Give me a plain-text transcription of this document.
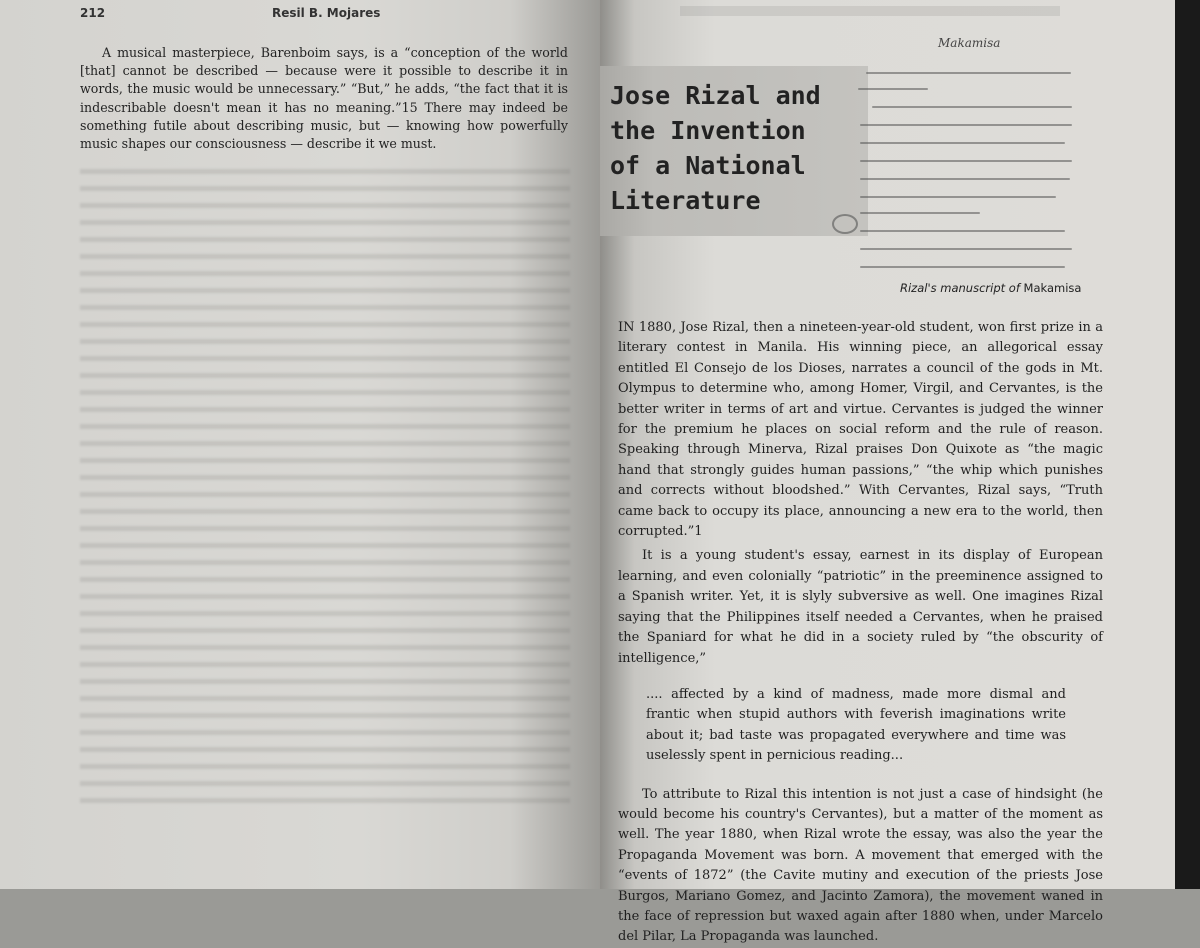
212	Resil B. Mojares

A musical masterpiece, Barenboim says, is a “conception of the world [that] cannot be described — because were it possible to describe it in words, the music would be unnecessary.” “But,” he adds, “the fact that it is indescribable doesn't mean it has no meaning.”15 There may indeed be something futile about describing music, but — knowing how powerfully music shapes our consciousness — describe it we must.

Jose Rizal and
the Invention
of a National
Literature
Makamisa
Rizal's manuscript of Makamisa

IN 1880, Jose Rizal, then a nineteen-year-old student, won first prize in a literary contest in Manila. His winning piece, an allegorical essay entitled El Consejo de los Dioses, narrates a council of the gods in Mt. Olympus to determine who, among Homer, Virgil, and Cervantes, is the better writer in terms of art and virtue. Cervantes is judged the winner for the premium he places on social reform and the rule of reason. Speaking through Minerva, Rizal praises Don Quixote as “the magic hand that strongly guides human passions,” “the whip which punishes and corrects without bloodshed.” With Cervantes, Rizal says, “Truth came back to occupy its place, announcing a new era to the world, then corrupted.”1

It is a young student's essay, earnest in its display of European learning, and even colonially “patriotic” in the preeminence assigned to a Spanish writer. Yet, it is slyly subversive as well. One imagines Rizal saying that the Philippines itself needed a Cervantes, when he praised the Spaniard for what he did in a society ruled by “the obscurity of intelligence,”

.... affected by a kind of madness, made more dismal and frantic when stupid authors with feverish imaginations write about it; bad taste was propagated everywhere and time was uselessly spent in pernicious reading...

To attribute to Rizal this intention is not just a case of hindsight (he would become his country's Cervantes), but a matter of the moment as well. The year 1880, when Rizal wrote the essay, was also the year the Propaganda Movement was born. A movement that emerged with the “events of 1872” (the Cavite mutiny and execution of the priests Jose Burgos, Mariano Gomez, and Jacinto Zamora), the movement waned in the face of repression but waxed again after 1880 when, under Marcelo del Pilar, La Propaganda was launched.
